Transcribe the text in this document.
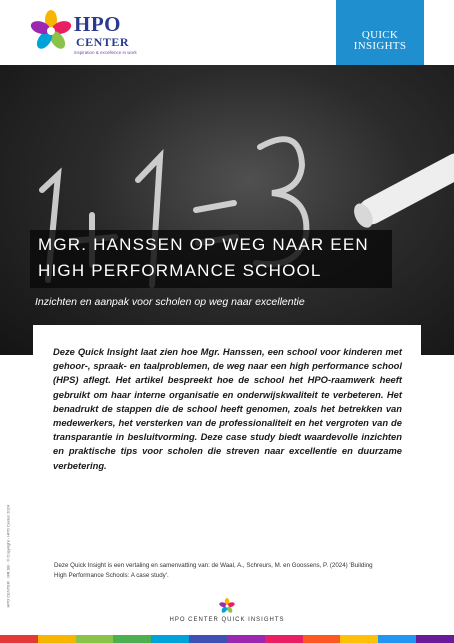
HPO
CENTER
inspiration & excellence in work
QUICK
INSIGHTS
MGR. HANSSEN OP WEG NAAR EEN
HIGH PERFORMANCE SCHOOL
Inzichten en aanpak voor scholen op weg naar excellentie
Deze Quick Insight laat zien hoe Mgr. Hanssen, een school voor kinderen met gehoor-, spraak- en taalproblemen, de weg naar een high performance school (HPS) aflegt. Het artikel bespreekt hoe de school het HPO-raamwerk heeft gebruikt om haar interne organisatie en onderwijskwaliteit te verbeteren. Het benadrukt de stappen die de school heeft genomen, zoals het betrekken van medewerkers, het versterken van de professionaliteit en het vergroten van de transparantie in besluitvorming. Deze case study biedt waardevolle inzichten en praktische tips voor scholen die streven naar excellentie en duurzame verbetering.
Deze Quick Insight is een vertaling en samenvatting van: de Waal, A., Schreurs, M. en Goossens, P. (2024) 'Building High Performance Schools: A case study'.
HPO CENTER · MR.SB · © Copyright - HPO Center 2024
HPO CENTER QUICK INSIGHTS
